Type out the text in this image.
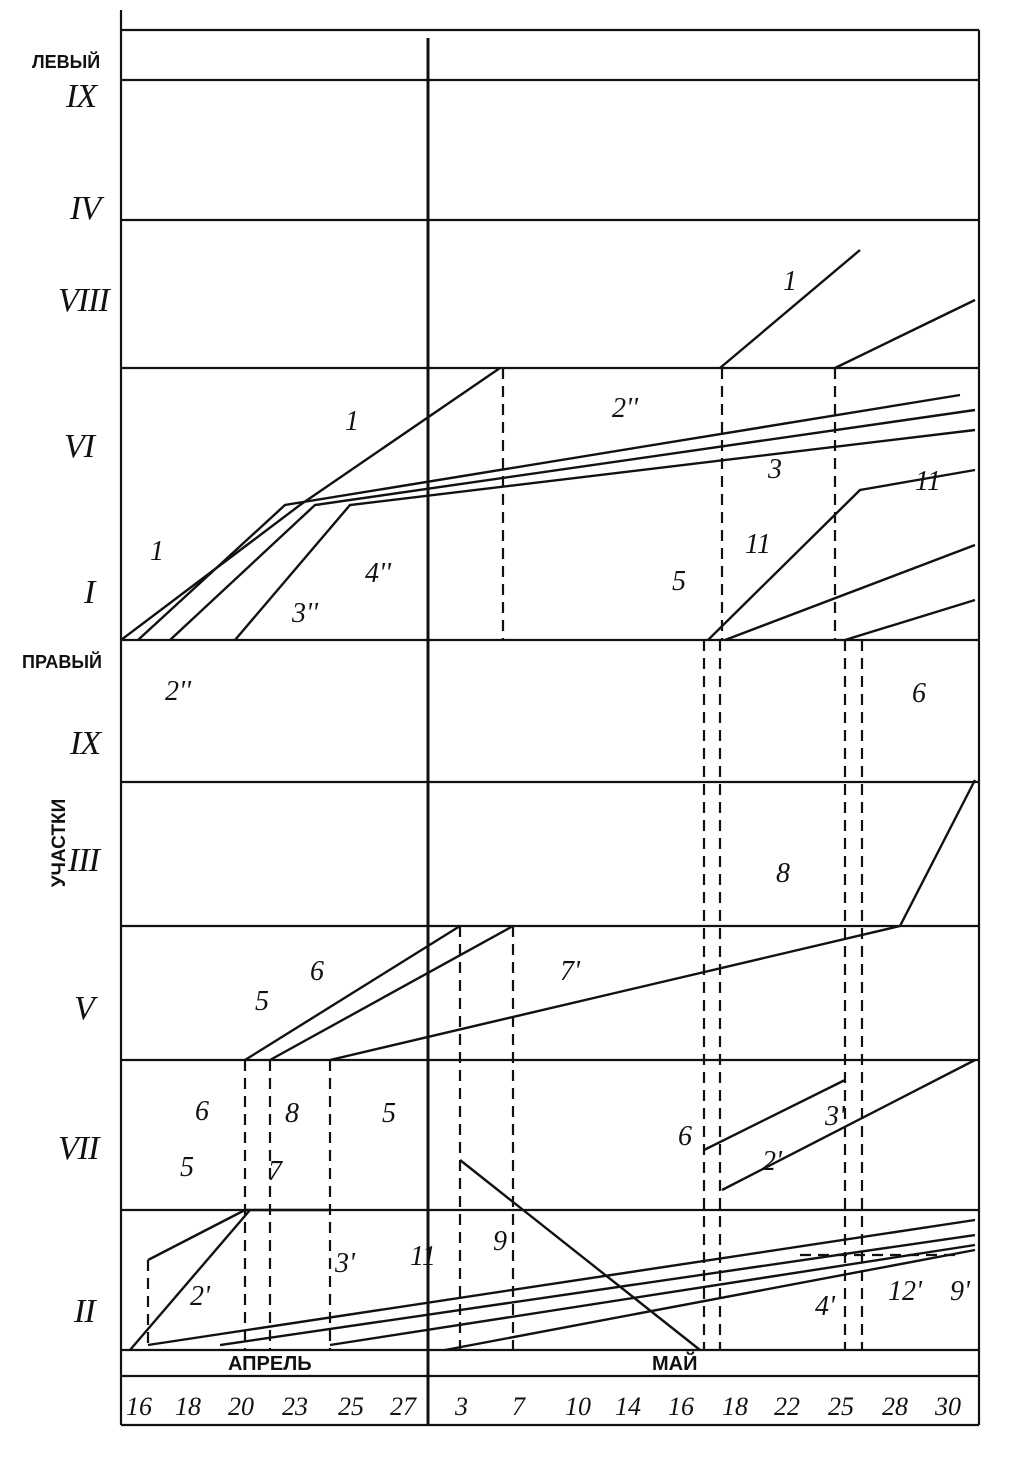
ЛЕВЫЙ
ПРАВЫЙ
УЧАСТКИ
IX
IV
VIII
VI
I
IX
III
V
VII
II
1	2''
3
1
3''
4''
2''
5
11
11
6
8
7'
6
5
5
6
7
8
5
6
3'
2'
9
3' 11
2'	4' 12' 9'
1
АПРЕЛЬ	МАЙ
16 18 20 23 25 27 3 7 10 14 16 18 22 25 28 30
